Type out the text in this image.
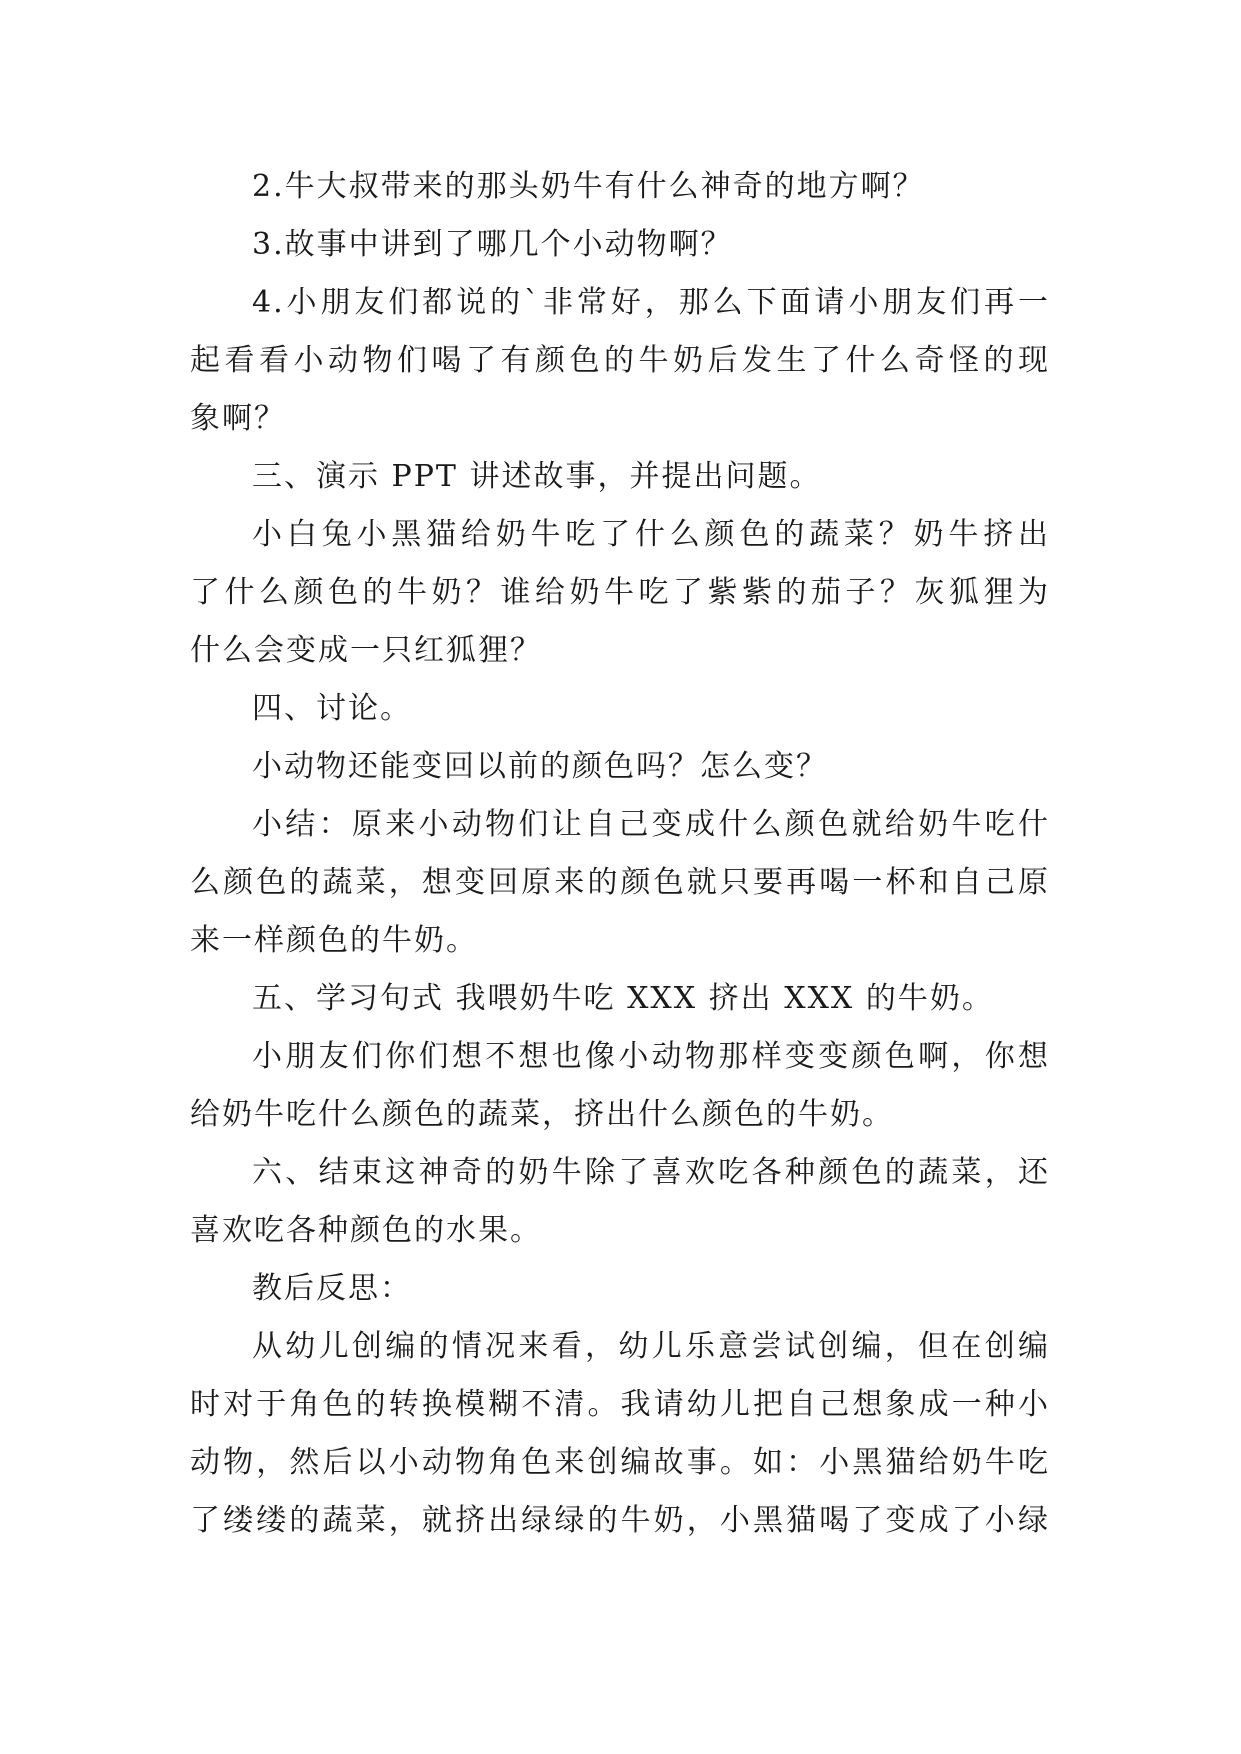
2.牛大叔带来的那头奶牛有什么神奇的地方啊？
3.故事中讲到了哪几个小动物啊？
4.小朋友们都说的`非常好，那么下面请小朋友们再一
起看看小动物们喝了有颜色的牛奶后发生了什么奇怪的现
象啊？
三、演示 PPT 讲述故事，并提出问题。
小白兔小黑猫给奶牛吃了什么颜色的蔬菜？奶牛挤出
了什么颜色的牛奶？谁给奶牛吃了紫紫的茄子？灰狐狸为
什么会变成一只红狐狸？
四、讨论。
小动物还能变回以前的颜色吗？怎么变？
小结：原来小动物们让自己变成什么颜色就给奶牛吃什
么颜色的蔬菜，想变回原来的颜色就只要再喝一杯和自己原
来一样颜色的牛奶。
五、学习句式 我喂奶牛吃 XXX 挤出 XXX 的牛奶。
小朋友们你们想不想也像小动物那样变变颜色啊，你想
给奶牛吃什么颜色的蔬菜，挤出什么颜色的牛奶。
六、结束这神奇的奶牛除了喜欢吃各种颜色的蔬菜，还
喜欢吃各种颜色的水果。
教后反思：
从幼儿创编的情况来看，幼儿乐意尝试创编，但在创编
时对于角色的转换模糊不清。我请幼儿把自己想象成一种小
动物，然后以小动物角色来创编故事。如：小黑猫给奶牛吃
了缕缕的蔬菜，就挤出绿绿的牛奶，小黑猫喝了变成了小绿
